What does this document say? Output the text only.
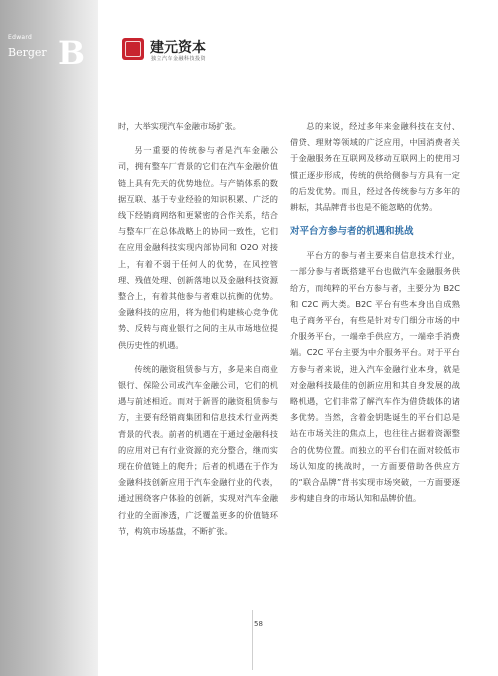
Edward
Berger B	建元资本
独立汽车金融科技投资

时，大举实现汽车金融市场扩张。

另一重要的传统参与者是汽车金融公司，拥有整车厂背景的它们在汽车金融价值链上具有先天的优势地位。与产销体系的数据互联、基于专业经验的知识积累、广泛的线下经销商网络和更紧密的合作关系，结合与整车厂在总体战略上的协同一致性，它们在应用金融科技实现内部协同和 O2O 对接上，有着不弱于任何人的优势，在风控管理、残值处理、创新落地以及金融科技资源整合上，有着其他参与者难以抗衡的优势。金融科技的应用，将为他们构建核心竞争优势、反转与商业银行之间的主从市场地位提供历史性的机遇。

传统的融资租赁参与方，多是来自商业银行、保险公司或汽车金融公司，它们的机遇与前述相近。而对于新晋的融资租赁参与方，主要有经销商集团和信息技术行业两类背景的代表。前者的机遇在于通过金融科技的应用对已有行业资源的充分整合，继而实现在价值链上的爬升；后者的机遇在于作为金融科技创新应用于汽车金融行业的代表，通过围绕客户体验的创新，实现对汽车金融行业的全面渗透，广泛覆盖更多的价值链环节，构筑市场基盘，不断扩张。

总的来说，经过多年来金融科技在支付、借贷、理财等领域的广泛应用，中国消费者关于金融服务在互联网及移动互联网上的使用习惯正逐步形成，传统的供给侧参与方具有一定的后发优势。而且，经过各传统参与方多年的耕耘，其品牌背书也是不能忽略的优势。

对平台方参与者的机遇和挑战

平台方的参与者主要来自信息技术行业，一部分参与者既搭建平台也做汽车金融服务供给方，而纯粹的平台方参与者，主要分为 B2C 和 C2C 两大类。B2C 平台有些本身出自成熟电子商务平台，有些是针对专门细分市场的中介服务平台，一端牵手供应方，一端牵手消费端。C2C 平台主要为中介服务平台。对于平台方参与者来说，进入汽车金融行业本身，就是对金融科技最佳的创新应用和其自身发展的战略机遇，它们非常了解汽车作为借贷载体的诸多优势。当然，含着金钥匙诞生的平台们总是站在市场关注的焦点上，也往往占据着资源整合的优势位置。而独立的平台们在面对较低市场认知度的挑战时，一方面要借助各供应方的“联合品牌”背书实现市场突破，一方面要逐步构建自身的市场认知和品牌价值。

58
